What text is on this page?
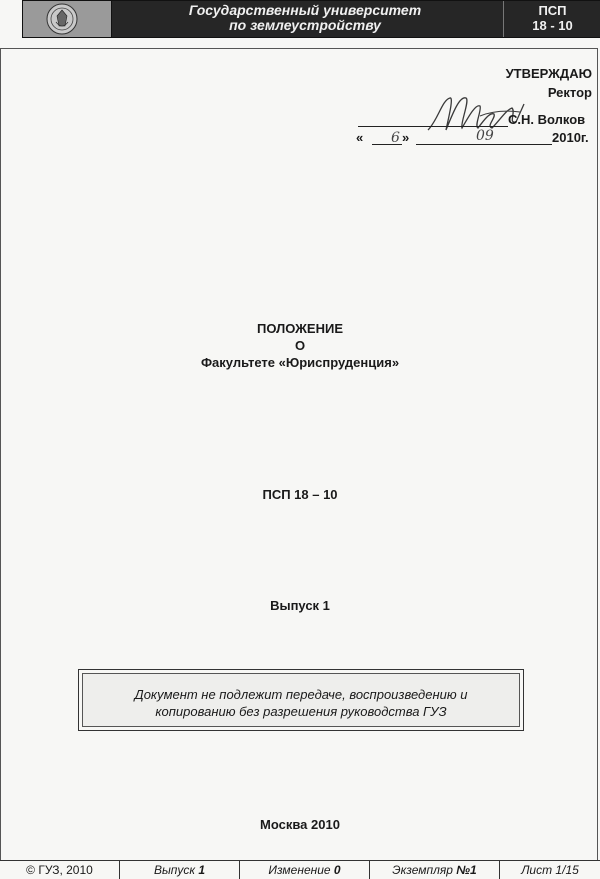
Государственный университет
по землеустройству
ПСП
18 - 10
УТВЕРЖДАЮ
Ректор
С.Н. Волков
« 6 »	09	2010г.
ПОЛОЖЕНИЕ
О
Факультете «Юриспруденция»
ПСП 18 – 10
Выпуск 1
Документ не подлежит передаче, воспроизведению и
копированию без разрешения руководства ГУЗ
Москва 2010
© ГУЗ, 2010	Выпуск 1	Изменение 0	Экземпляр №1	Лист 1/15
